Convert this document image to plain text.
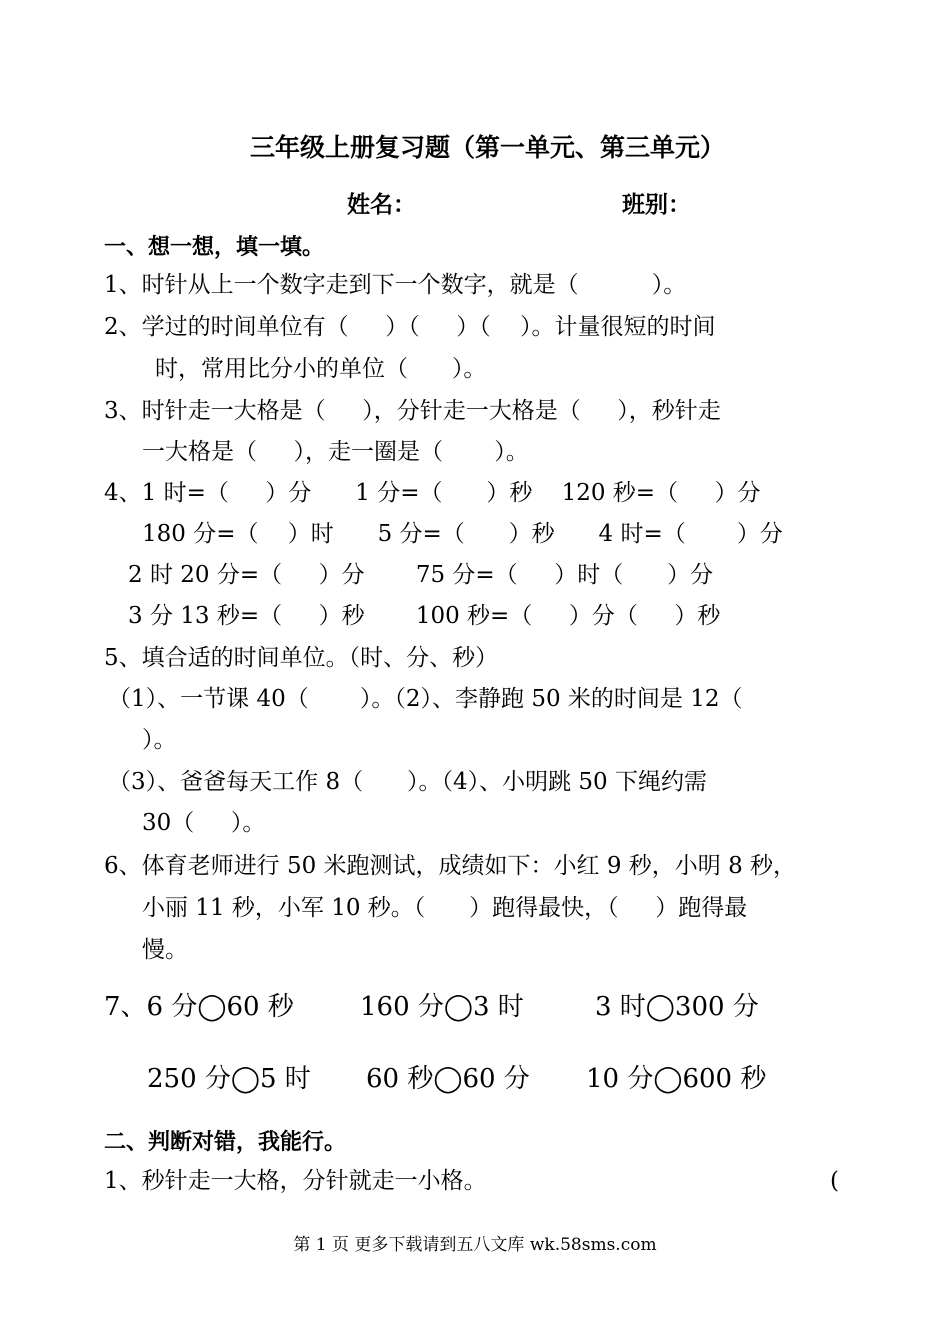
三年级上册复习题（第一单元、第三单元）
姓名：	班别：
一、想一想，填一填。
1、时针从上一个数字走到下一个数字，就是（          ）。
2、学过的时间单位有（     ）（     ）（    ）。计量很短的时间
时，常用比分小的单位（      ）。
3、时针走一大格是（     ），分针走一大格是（     ），秒针走
一大格是（     ），走一圈是（       ）。
4、1 时=（     ）分      1 分=（      ）秒    120 秒=（     ）分
180 分=（    ）时      5 分=（      ）秒      4 时=（       ）分
2 时 20 分=（     ）分       75 分=（     ）时（      ）分
3 分 13 秒=（     ）秒       100 秒=（     ）分（     ）秒
5、填合适的时间单位。（时、分、秒）
（1）、一节课 40（       ）。（2）、李静跑 50 米的时间是 12（
）。
（3）、爸爸每天工作 8（      ）。（4）、小明跳 50 下绳约需
30（     ）。
6、体育老师进行 50 米跑测试，成绩如下：小红 9 秒，小明 8 秒，
小丽 11 秒，小军 10 秒。（      ）跑得最快，（     ）跑得最
慢。
7、6 分◯60 秒	160 分◯3 时	3 时◯300 分
250 分◯5 时 60 秒◯60 分 10 分◯600 秒
二、判断对错，我能行。
1、秒针走一大格，分针就走一小格。	(
第 1 页 更多下载请到五八文库 wk.58sms.com
